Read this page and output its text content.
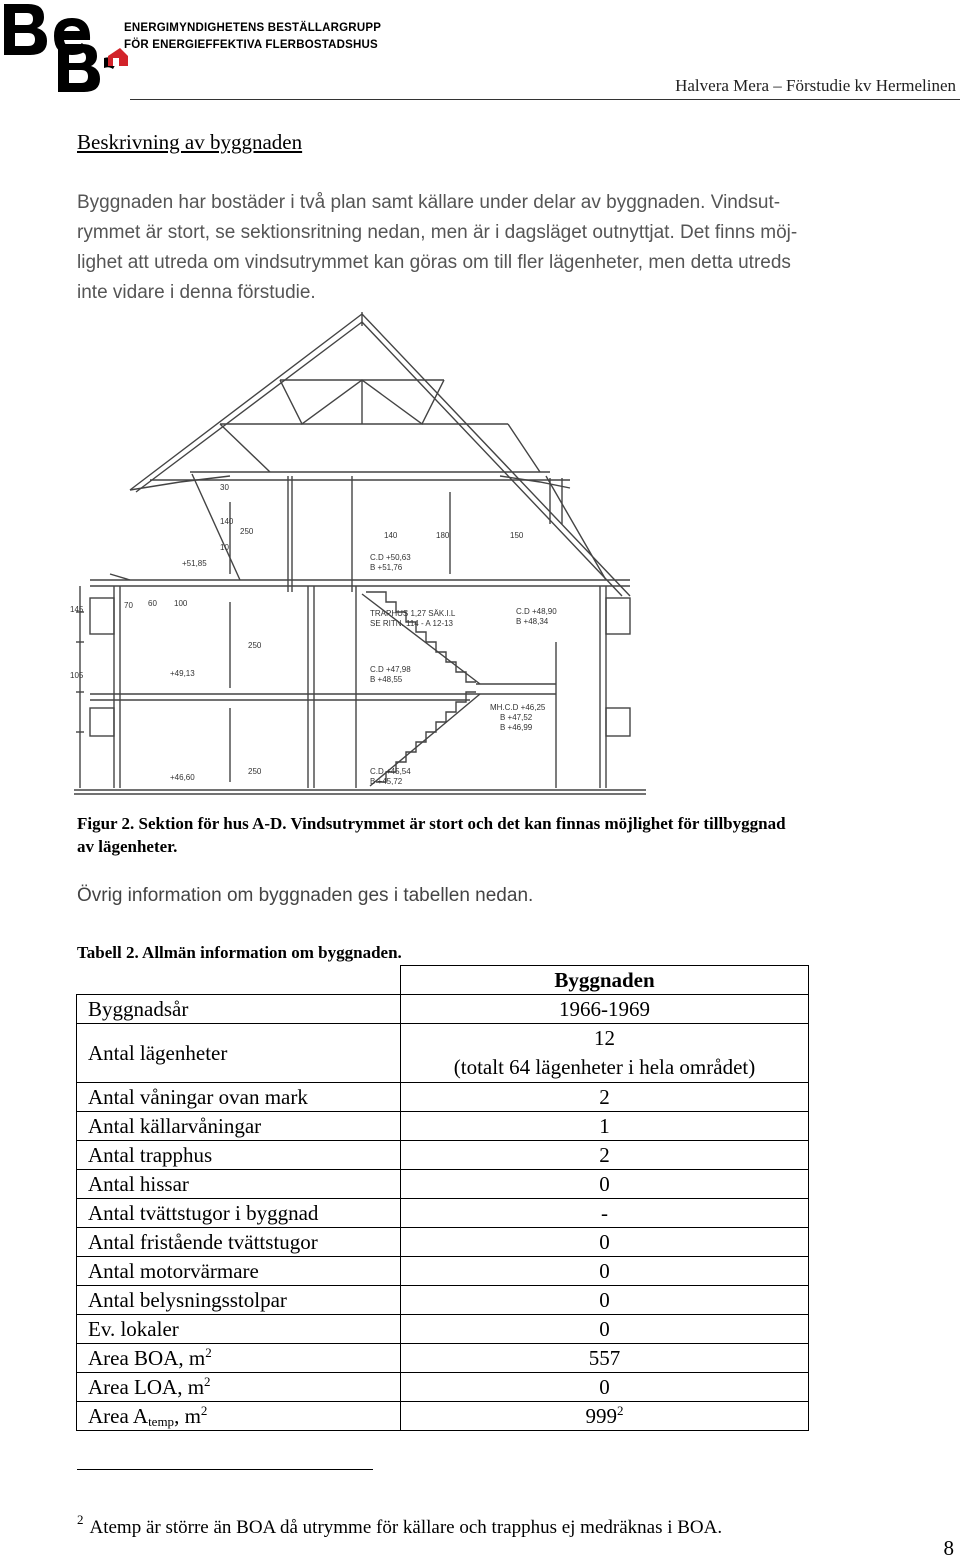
ENERGIMYNDIGHETENS BESTÄLLARGRUPP
FÖR ENERGIEFFEKTIVA FLERBOSTADSHUS
Halvera Mera – Förstudie kv Hermelinen
Beskrivning av byggnaden

Byggnaden har bostäder i två plan samt källare under delar av byggnaden. Vindsut-
rymmet är stort, se sektionsritning nedan, men är i dagsläget outnyttjat. Det finns möj-
lighet att utreda om vindsutrymmet kan göras om till fler lägenheter, men detta utreds
inte vidare i denna förstudie.

30
140
10
+51,85
250	140	180	150
C.D +50,63
B +51,76
70 60 100
TRAPHUS 1,27 SÄK.I.L
SE RITN. 114 - A 12-13
C.D +48,90
B +48,34
250
+49,13	C.D +47,98
B +48,55
MH.C.D +46,25
B +47,52
B +46,99
250
+46,60
C.D +45,54
B +45,72
145
105
Figur 2. Sektion för hus A-D. Vindsutrymmet är stort och det kan finnas möjlighet för tillbyggnad
av lägenheter.
Övrig information om byggnaden ges i tabellen nedan.
Tabell 2. Allmän information om byggnaden.
	Byggnaden
Byggnadsår	1966-1969
Antal lägenheter	12
(totalt 64 lägenheter i hela området)

Antal våningar ovan mark	2
Antal källarvåningar	1
Antal trapphus	2
Antal hissar	0
Antal tvättstugor i byggnad	-
Antal fristående tvättstugor	0
Antal motorvärmare	0
Antal belysningsstolpar	0
Ev. lokaler	0
Area BOA, $m^2$	557
Area LOA, $m^2$	0
Area $A_{temp}$, $m^2$	$999^2$
$^2$ Atemp är större än BOA då utrymme för källare och trapphus ej medräknas i BOA.
8
